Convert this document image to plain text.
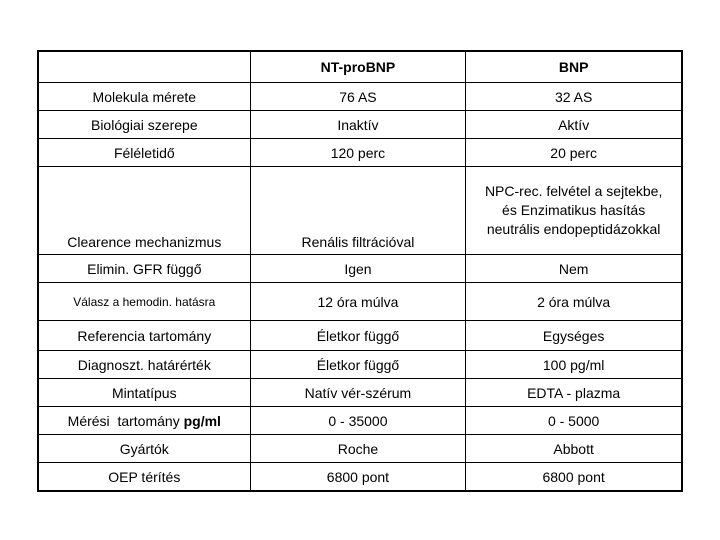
	NT-proBNP	BNP
Molekula mérete	76 AS	32 AS
Biológiai szerepe	Inaktív	Aktív
Féléletidő	120 perc	20 perc
Clearence mechanizmus	Renális filtrációval	NPC-rec. felvétel a sejtekbe, és Enzimatikus hasítás neutrális endopeptidázokkal
Elimin. GFR függő	Igen	Nem
Válasz a hemodin. hatásra	12 óra múlva	2 óra múlva
Referencia tartomány	Életkor függő	Egységes
Diagnoszt. határérték	Életkor függő	100 pg/ml
Mintatípus	Natív vér-szérum	EDTA - plazma
Mérési  tartomány pg/ml	0 - 35000	0 - 5000
Gyártók	Roche	Abbott
OEP térítés	6800 pont	6800 pont
